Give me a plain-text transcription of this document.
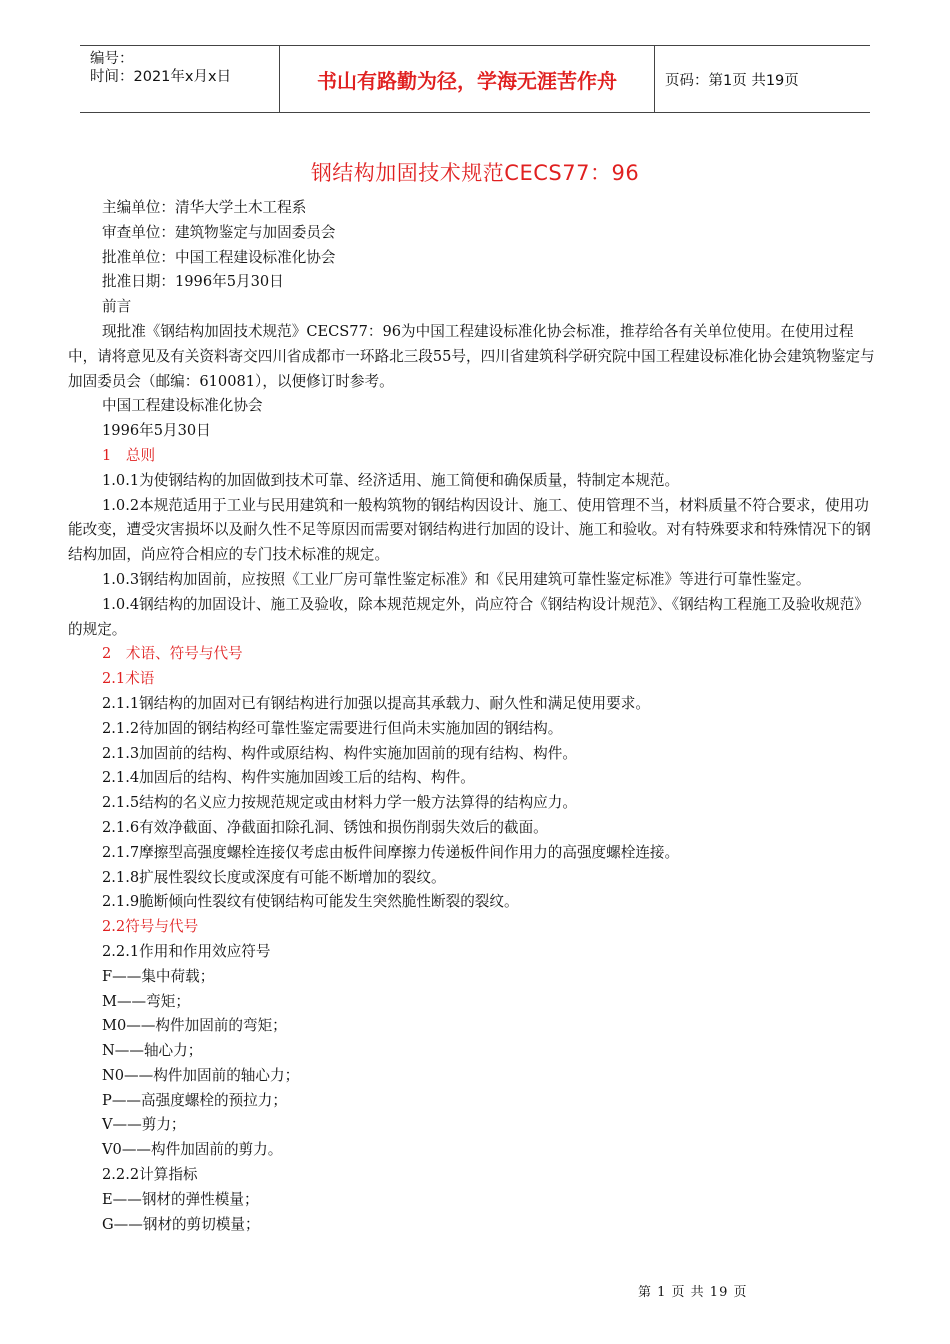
编号：
时间：2021年x月x日	书山有路勤为径，学海无涯苦作舟	页码：第1页 共19页
钢结构加固技术规范CECS77：96

主编单位：清华大学土木工程系

审查单位：建筑物鉴定与加固委员会

批准单位：中国工程建设标准化协会

批准日期：1996年5月30日

前言

现批准《钢结构加固技术规范》CECS77：96为中国工程建设标准化协会标准，推荐给各有关单位使用。在使用过程中，请将意见及有关资料寄交四川省成都市一环路北三段55号，四川省建筑科学研究院中国工程建设标准化协会建筑物鉴定与加固委员会（邮编：610081），以便修订时参考。

中国工程建设标准化协会

1996年5月30日

1　总则

1.0.1为使钢结构的加固做到技术可靠、经济适用、施工简便和确保质量，特制定本规范。

1.0.2本规范适用于工业与民用建筑和一般构筑物的钢结构因设计、施工、使用管理不当，材料质量不符合要求，使用功能改变，遭受灾害损坏以及耐久性不足等原因而需要对钢结构进行加固的设计、施工和验收。对有特殊要求和特殊情况下的钢结构加固，尚应符合相应的专门技术标准的规定。

1.0.3钢结构加固前，应按照《工业厂房可靠性鉴定标准》和《民用建筑可靠性鉴定标准》等进行可靠性鉴定。

1.0.4钢结构的加固设计、施工及验收，除本规范规定外，尚应符合《钢结构设计规范》、《钢结构工程施工及验收规范》的规定。

2　术语、符号与代号

2.1术语

2.1.1钢结构的加固对已有钢结构进行加强以提高其承载力、耐久性和满足使用要求。

2.1.2待加固的钢结构经可靠性鉴定需要进行但尚未实施加固的钢结构。

2.1.3加固前的结构、构件或原结构、构件实施加固前的现有结构、构件。

2.1.4加固后的结构、构件实施加固竣工后的结构、构件。

2.1.5结构的名义应力按规范规定或由材料力学一般方法算得的结构应力。

2.1.6有效净截面、净截面扣除孔洞、锈蚀和损伤削弱失效后的截面。

2.1.7摩擦型高强度螺栓连接仅考虑由板件间摩擦力传递板件间作用力的高强度螺栓连接。

2.1.8扩展性裂纹长度或深度有可能不断增加的裂纹。

2.1.9脆断倾向性裂纹有使钢结构可能发生突然脆性断裂的裂纹。

2.2符号与代号

2.2.1作用和作用效应符号

F——集中荷载；

M——弯矩；

M0——构件加固前的弯矩；

N——轴心力；

N0——构件加固前的轴心力；

P——高强度螺栓的预拉力；

V——剪力；

V0——构件加固前的剪力。

2.2.2计算指标

E——钢材的弹性模量；

G——钢材的剪切模量；

第 1 页 共 19 页
